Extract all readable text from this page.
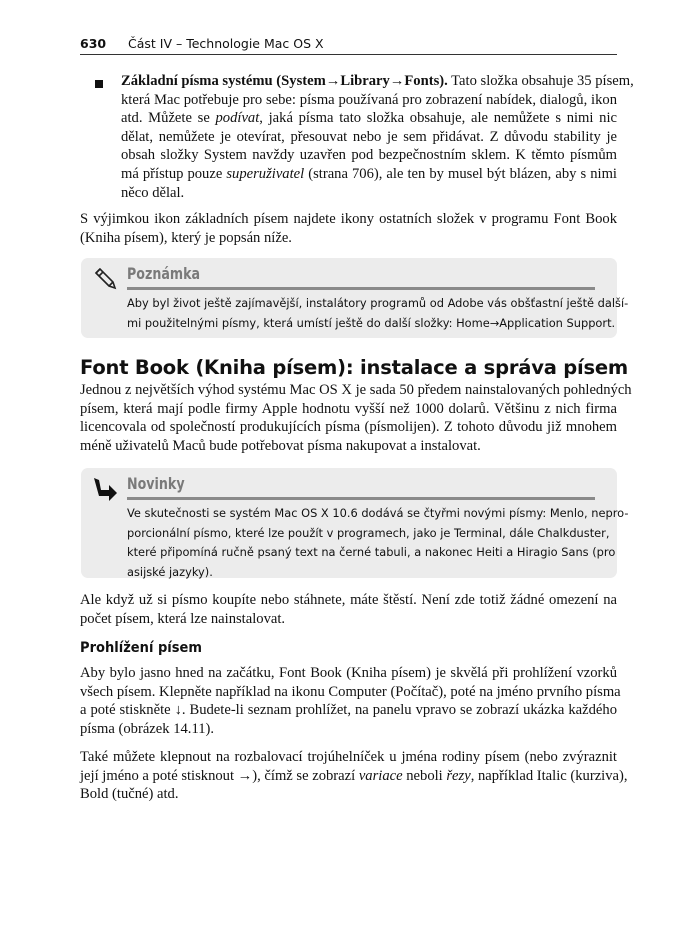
630 Část IV – Technologie Mac OS X
Základní písma systému (System→Library→Fonts). Tato složka obsahuje 35 písem,
která Mac potřebuje pro sebe: písma používaná pro zobrazení nabídek, dialogů, ikon
atd. Můžete se podívat, jaká písma tato složka obsahuje, ale nemůžete s nimi nic
dělat, nemůžete je otevírat, přesouvat nebo je sem přidávat. Z důvodu stability je
obsah složky System navždy uzavřen pod bezpečnostním sklem. K těmto písmům
má přístup pouze superuživatel (strana 706), ale ten by musel být blázen, aby s nimi
něco dělal.
S výjimkou ikon základních písem najdete ikony ostatních složek v programu Font Book
(Kniha písem), který je popsán níže.
Poznámka
Aby byl život ještě zajímavější, instalátory programů od Adobe vás obšťastní ještě další-
mi použitelnými písmy, která umístí ještě do další složky: Home→Application Support.
Font Book (Kniha písem): instalace a správa písem
Jednou z největších výhod systému Mac OS X je sada 50 předem nainstalovaných pohledných
písem, která mají podle firmy Apple hodnotu vyšší než 1000 dolarů. Většinu z nich firma
licencovala od společností produkujících písma (písmolijen). Z tohoto důvodu již mnohem
méně uživatelů Maců bude potřebovat písma nakupovat a instalovat.
Novinky
Ve skutečnosti se systém Mac OS X 10.6 dodává se čtyřmi novými písmy: Menlo, nepro-
porcionální písmo, které lze použít v programech, jako je Terminal, dále Chalkduster,
které připomíná ručně psaný text na černé tabuli, a nakonec Heiti a Hiragio Sans (pro
asijské jazyky).
Ale když už si písmo koupíte nebo stáhnete, máte štěstí. Není zde totiž žádné omezení na
počet písem, která lze nainstalovat.
Prohlížení písem
Aby bylo jasno hned na začátku, Font Book (Kniha písem) je skvělá při prohlížení vzorků
všech písem. Klepněte například na ikonu Computer (Počítač), poté na jméno prvního písma
a poté stiskněte ↓. Budete-li seznam prohlížet, na panelu vpravo se zobrazí ukázka každého
písma (obrázek 14.11).
Také můžete klepnout na rozbalovací trojúhelníček u jména rodiny písem (nebo zvýraznit
její jméno a poté stisknout →), čímž se zobrazí variace neboli řezy, například Italic (kurziva),
Bold (tučné) atd.
